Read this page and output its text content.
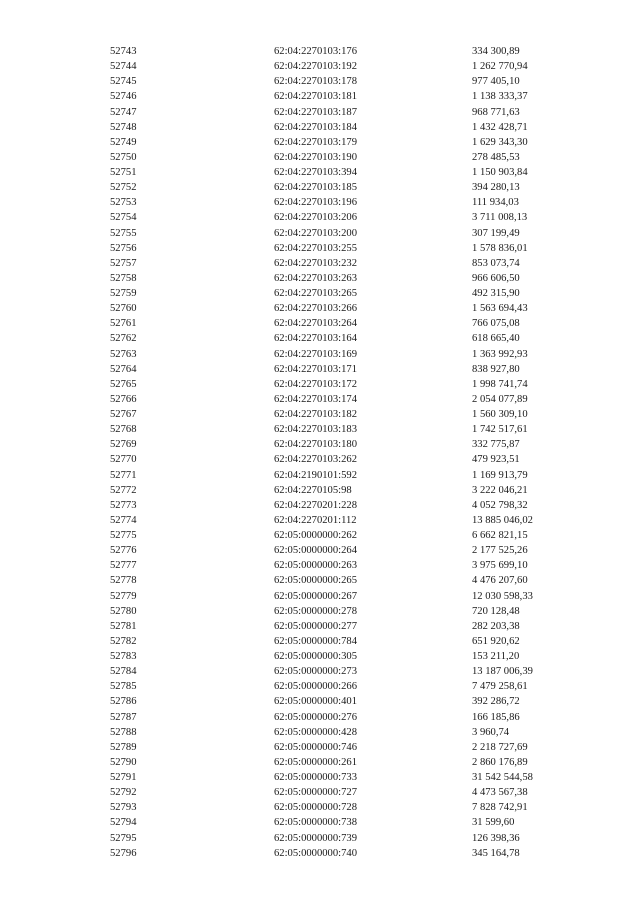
52743	62:04:2270103:176	334 300,89
52744	62:04:2270103:192	1 262 770,94
52745	62:04:2270103:178	977 405,10
52746	62:04:2270103:181	1 138 333,37
52747	62:04:2270103:187	968 771,63
52748	62:04:2270103:184	1 432 428,71
52749	62:04:2270103:179	1 629 343,30
52750	62:04:2270103:190	278 485,53
52751	62:04:2270103:394	1 150 903,84
52752	62:04:2270103:185	394 280,13
52753	62:04:2270103:196	111 934,03
52754	62:04:2270103:206	3 711 008,13
52755	62:04:2270103:200	307 199,49
52756	62:04:2270103:255	1 578 836,01
52757	62:04:2270103:232	853 073,74
52758	62:04:2270103:263	966 606,50
52759	62:04:2270103:265	492 315,90
52760	62:04:2270103:266	1 563 694,43
52761	62:04:2270103:264	766 075,08
52762	62:04:2270103:164	618 665,40
52763	62:04:2270103:169	1 363 992,93
52764	62:04:2270103:171	838 927,80
52765	62:04:2270103:172	1 998 741,74
52766	62:04:2270103:174	2 054 077,89
52767	62:04:2270103:182	1 560 309,10
52768	62:04:2270103:183	1 742 517,61
52769	62:04:2270103:180	332 775,87
52770	62:04:2270103:262	479 923,51
52771	62:04:2190101:592	1 169 913,79
52772	62:04:2270105:98	3 222 046,21
52773	62:04:2270201:228	4 052 798,32
52774	62:04:2270201:112	13 885 046,02
52775	62:05:0000000:262	6 662 821,15
52776	62:05:0000000:264	2 177 525,26
52777	62:05:0000000:263	3 975 699,10
52778	62:05:0000000:265	4 476 207,60
52779	62:05:0000000:267	12 030 598,33
52780	62:05:0000000:278	720 128,48
52781	62:05:0000000:277	282 203,38
52782	62:05:0000000:784	651 920,62
52783	62:05:0000000:305	153 211,20
52784	62:05:0000000:273	13 187 006,39
52785	62:05:0000000:266	7 479 258,61
52786	62:05:0000000:401	392 286,72
52787	62:05:0000000:276	166 185,86
52788	62:05:0000000:428	3 960,74
52789	62:05:0000000:746	2 218 727,69
52790	62:05:0000000:261	2 860 176,89
52791	62:05:0000000:733	31 542 544,58
52792	62:05:0000000:727	4 473 567,38
52793	62:05:0000000:728	7 828 742,91
52794	62:05:0000000:738	31 599,60
52795	62:05:0000000:739	126 398,36
52796	62:05:0000000:740	345 164,78
